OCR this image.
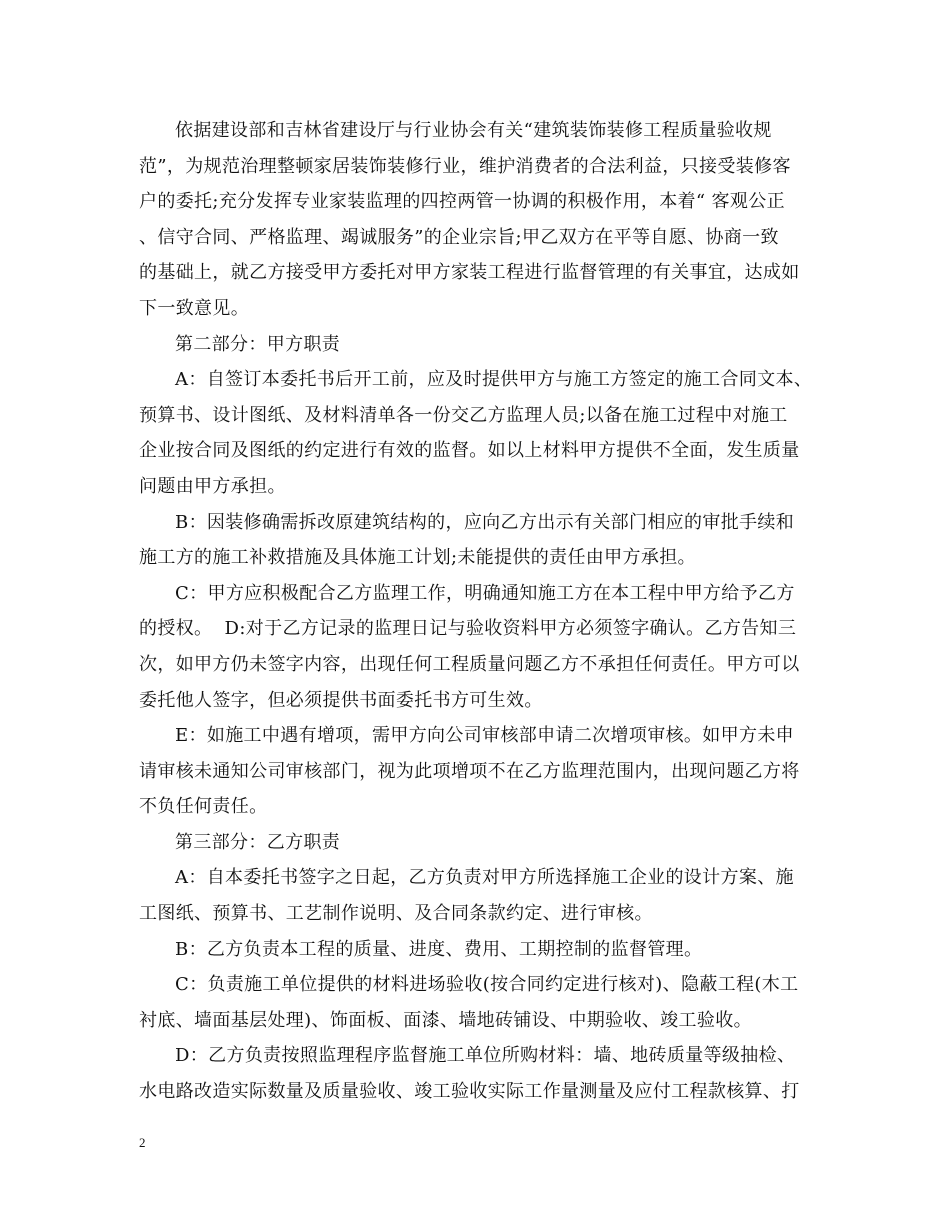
依据建设部和吉林省建设厅与行业协会有关“建筑装饰装修工程质量验收规
范”，为规范治理整顿家居装饰装修行业，维护消费者的合法利益，只接受装修客
户的委托;充分发挥专业家装监理的四控两管一协调的积极作用，本着“ 客观公正
、信守合同、严格监理、竭诚服务”的企业宗旨;甲乙双方在平等自愿、协商一致
的基础上，就乙方接受甲方委托对甲方家装工程进行监督管理的有关事宜，达成如
下一致意见。
第二部分：甲方职责
A：自签订本委托书后开工前，应及时提供甲方与施工方签定的施工合同文本、
预算书、设计图纸、及材料清单各一份交乙方监理人员;以备在施工过程中对施工
企业按合同及图纸的约定进行有效的监督。如以上材料甲方提供不全面，发生质量
问题由甲方承担。
B：因装修确需拆改原建筑结构的，应向乙方出示有关部门相应的审批手续和
施工方的施工补救措施及具体施工计划;未能提供的责任由甲方承担。
C：甲方应积极配合乙方监理工作，明确通知施工方在本工程中甲方给予乙方
的授权。  D:对于乙方记录的监理日记与验收资料甲方必须签字确认。乙方告知三
次，如甲方仍未签字内容，出现任何工程质量问题乙方不承担任何责任。甲方可以
委托他人签字，但必须提供书面委托书方可生效。
E：如施工中遇有增项，需甲方向公司审核部申请二次增项审核。如甲方未申
请审核未通知公司审核部门，视为此项增项不在乙方监理范围内，出现问题乙方将
不负任何责任。
第三部分：乙方职责
A：自本委托书签字之日起，乙方负责对甲方所选择施工企业的设计方案、施
工图纸、预算书、工艺制作说明、及合同条款约定、进行审核。
B：乙方负责本工程的质量、进度、费用、工期控制的监督管理。
C：负责施工单位提供的材料进场验收(按合同约定进行核对)、隐蔽工程(木工
衬底、墙面基层处理)、饰面板、面漆、墙地砖铺设、中期验收、竣工验收。
D：乙方负责按照监理程序监督施工单位所购材料：墙、地砖质量等级抽检、
水电路改造实际数量及质量验收、竣工验收实际工作量测量及应付工程款核算、打
2
